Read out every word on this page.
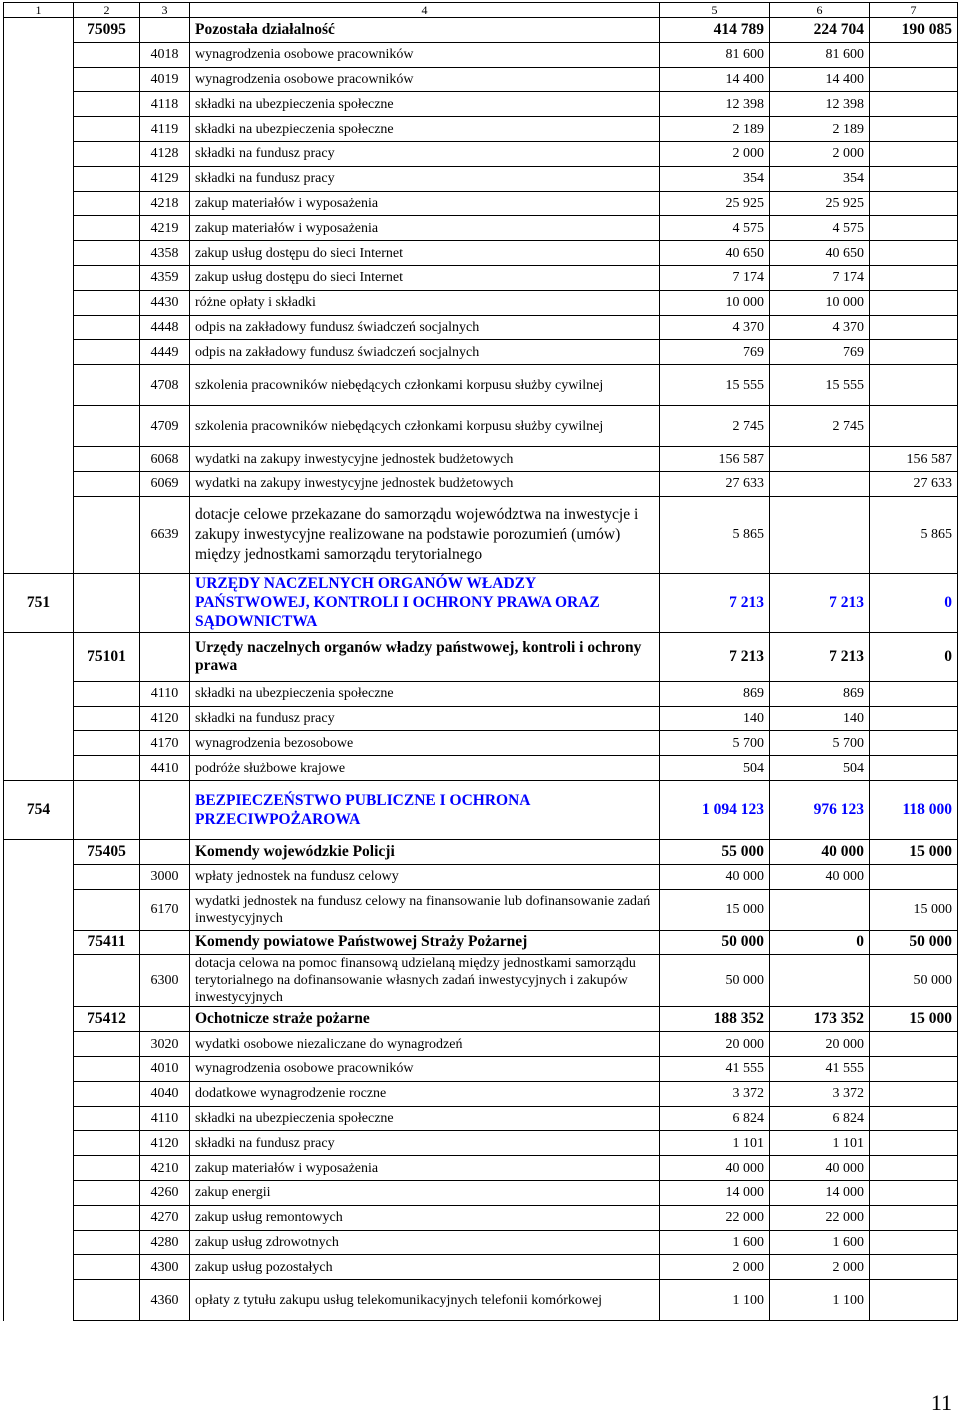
1	2	3	4	5	6	7
	75095		Pozostała działalność	414 789	224 704	190 085
		4018	wynagrodzenia osobowe pracowników	81 600	81 600	
		4019	wynagrodzenia osobowe pracowników	14 400	14 400	
		4118	składki na ubezpieczenia społeczne	12 398	12 398	
		4119	składki na ubezpieczenia społeczne	2 189	2 189	
		4128	składki na fundusz pracy	2 000	2 000	
		4129	składki na fundusz pracy	354	354	
		4218	zakup materiałów i wyposażenia	25 925	25 925	
		4219	zakup materiałów i wyposażenia	4 575	4 575	
		4358	zakup usług dostępu do sieci Internet	40 650	40 650	
		4359	zakup usług dostępu do sieci Internet	7 174	7 174	
		4430	różne opłaty i składki	10 000	10 000	
		4448	odpis na zakładowy fundusz świadczeń socjalnych	4 370	4 370	
		4449	odpis na zakładowy fundusz świadczeń socjalnych	769	769	
		4708	szkolenia pracowników niebędących członkami korpusu służby cywilnej	15 555	15 555	
		4709	szkolenia pracowników niebędących członkami korpusu służby cywilnej	2 745	2 745	
		6068	wydatki na zakupy inwestycyjne jednostek budżetowych	156 587		156 587
		6069	wydatki na zakupy inwestycyjne jednostek budżetowych	27 633		27 633
		6639	dotacje celowe przekazane do samorządu województwa na inwestycje i zakupy inwestycyjne realizowane na podstawie porozumień (umów) między jednostkami samorządu terytorialnego	5 865		5 865
751			URZĘDY NACZELNYCH ORGANÓW WŁADZY PAŃSTWOWEJ, KONTROLI I OCHRONY PRAWA ORAZ SĄDOWNICTWA	7 213	7 213	0
	75101		Urzędy naczelnych organów władzy państwowej, kontroli i ochrony prawa	7 213	7 213	0
		4110	składki na ubezpieczenia społeczne	869	869	
		4120	składki na fundusz pracy	140	140	
		4170	wynagrodzenia bezosobowe	5 700	5 700	
		4410	podróże służbowe krajowe	504	504	
754			BEZPIECZEŃSTWO PUBLICZNE I OCHRONA PRZECIWPOŻAROWA	1 094 123	976 123	118 000
	75405		Komendy wojewódzkie Policji	55 000	40 000	15 000
		3000	wpłaty jednostek na fundusz celowy	40 000	40 000	
		6170	wydatki jednostek na fundusz celowy na finansowanie lub dofinansowanie zadań inwestycyjnych	15 000		15 000
	75411		Komendy powiatowe Państwowej Straży Pożarnej	50 000	0	50 000
		6300	dotacja celowa na pomoc finansową udzielaną między jednostkami samorządu terytorialnego na dofinansowanie własnych zadań inwestycyjnych i zakupów inwestycyjnych	50 000		50 000
	75412		Ochotnicze straże pożarne	188 352	173 352	15 000
		3020	wydatki osobowe niezaliczane do wynagrodzeń	20 000	20 000	
		4010	wynagrodzenia osobowe pracowników	41 555	41 555	
		4040	dodatkowe wynagrodzenie roczne	3 372	3 372	
		4110	składki na ubezpieczenia społeczne	6 824	6 824	
		4120	składki na fundusz pracy	1 101	1 101	
		4210	zakup materiałów i wyposażenia	40 000	40 000	
		4260	zakup energii	14 000	14 000	
		4270	zakup usług remontowych	22 000	22 000	
		4280	zakup usług zdrowotnych	1 600	1 600	
		4300	zakup usług pozostałych	2 000	2 000	
		4360	opłaty z tytułu zakupu usług telekomunikacyjnych telefonii komórkowej	1 100	1 100	
11
